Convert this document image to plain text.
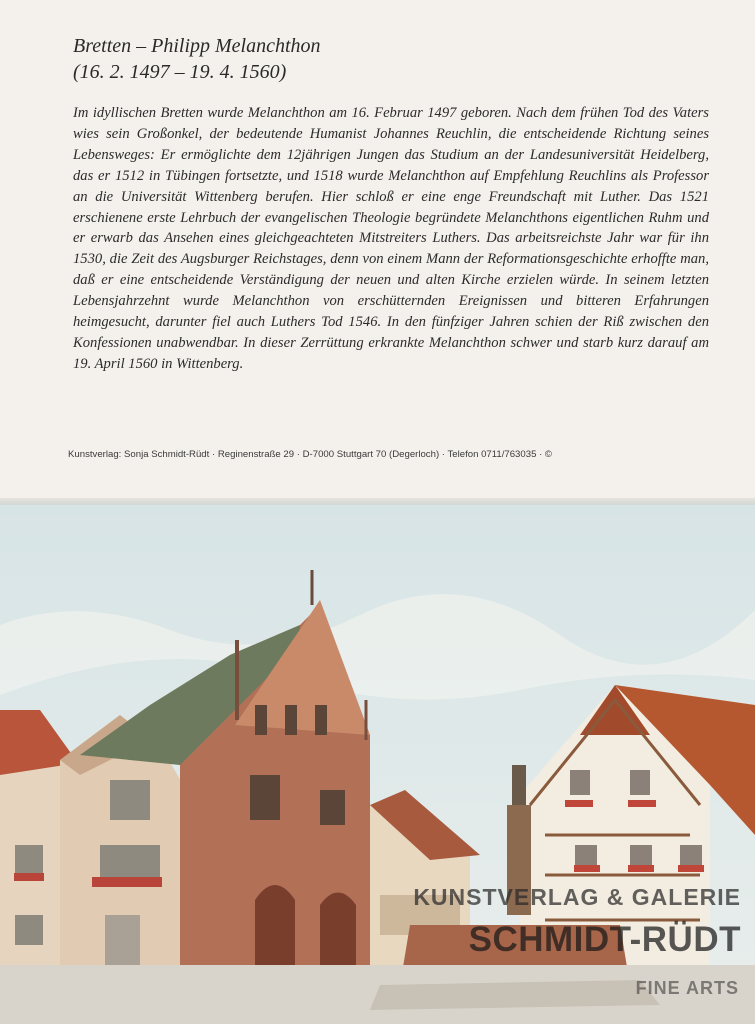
Bretten – Philipp Melanchthon
(16. 2. 1497 – 19. 4. 1560)

Im idyllischen Bretten wurde Melanchthon am 16. Februar 1497 geboren. Nach dem frühen Tod des Vaters wies sein Großonkel, der bedeutende Humanist Johannes Reuchlin, die entscheidende Richtung seines Lebensweges: Er ermöglichte dem 12jährigen Jungen das Studium an der Landesuniversität Heidelberg, das er 1512 in Tübingen fortsetzte, und 1518 wurde Melanchthon auf Empfehlung Reuchlins als Professor an die Universität Wittenberg berufen. Hier schloß er eine enge Freundschaft mit Luther. Das 1521 erschienene erste Lehrbuch der evangelischen Theologie begründete Melanchthons eigentlichen Ruhm und er erwarb das Ansehen eines gleichgeachteten Mitstreiters Luthers. Das arbeitsreichste Jahr war für ihn 1530, die Zeit des Augsburger Reichstages, denn von einem Mann der Reformationsgeschichte erhoffte man, daß er eine entscheidende Verständigung der neuen und alten Kirche erzielen würde. In seinem letzten Lebensjahrzehnt wurde Melanchthon von erschütternden Ereignissen und bitteren Erfahrungen heimgesucht, darunter fiel auch Luthers Tod 1546. In den fünfziger Jahren schien der Riß zwischen den Konfessionen unabwendbar. In dieser Zerrüttung erkrankte Melanchthon schwer und starb kurz darauf am 19. April 1560 in Wittenberg.

Kunstverlag: Sonja Schmidt-Rüdt · Reginenstraße 29 · D-7000 Stuttgart 70 (Degerloch) · Telefon 0711/763035 · ©
KUNSTVERLAG & GALERIE
SCHMIDT-RÜDT
FINE ARTS
